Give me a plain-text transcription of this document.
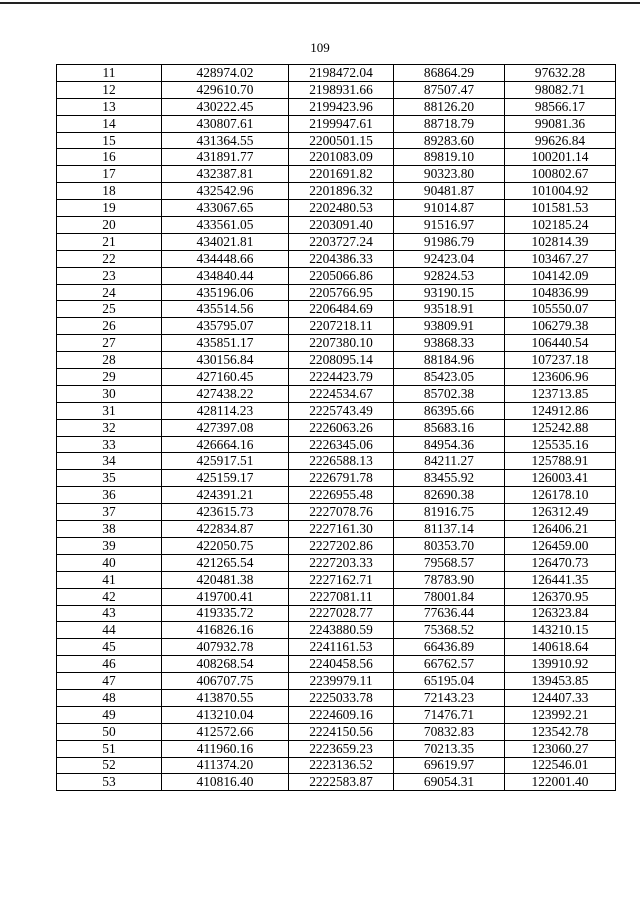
109
11	428974.02	2198472.04	86864.29	97632.28
12	429610.70	2198931.66	87507.47	98082.71
13	430222.45	2199423.96	88126.20	98566.17
14	430807.61	2199947.61	88718.79	99081.36
15	431364.55	2200501.15	89283.60	99626.84
16	431891.77	2201083.09	89819.10	100201.14
17	432387.81	2201691.82	90323.80	100802.67
18	432542.96	2201896.32	90481.87	101004.92
19	433067.65	2202480.53	91014.87	101581.53
20	433561.05	2203091.40	91516.97	102185.24
21	434021.81	2203727.24	91986.79	102814.39
22	434448.66	2204386.33	92423.04	103467.27
23	434840.44	2205066.86	92824.53	104142.09
24	435196.06	2205766.95	93190.15	104836.99
25	435514.56	2206484.69	93518.91	105550.07
26	435795.07	2207218.11	93809.91	106279.38
27	435851.17	2207380.10	93868.33	106440.54
28	430156.84	2208095.14	88184.96	107237.18
29	427160.45	2224423.79	85423.05	123606.96
30	427438.22	2224534.67	85702.38	123713.85
31	428114.23	2225743.49	86395.66	124912.86
32	427397.08	2226063.26	85683.16	125242.88
33	426664.16	2226345.06	84954.36	125535.16
34	425917.51	2226588.13	84211.27	125788.91
35	425159.17	2226791.78	83455.92	126003.41
36	424391.21	2226955.48	82690.38	126178.10
37	423615.73	2227078.76	81916.75	126312.49
38	422834.87	2227161.30	81137.14	126406.21
39	422050.75	2227202.86	80353.70	126459.00
40	421265.54	2227203.33	79568.57	126470.73
41	420481.38	2227162.71	78783.90	126441.35
42	419700.41	2227081.11	78001.84	126370.95
43	419335.72	2227028.77	77636.44	126323.84
44	416826.16	2243880.59	75368.52	143210.15
45	407932.78	2241161.53	66436.89	140618.64
46	408268.54	2240458.56	66762.57	139910.92
47	406707.75	2239979.11	65195.04	139453.85
48	413870.55	2225033.78	72143.23	124407.33
49	413210.04	2224609.16	71476.71	123992.21
50	412572.66	2224150.56	70832.83	123542.78
51	411960.16	2223659.23	70213.35	123060.27
52	411374.20	2223136.52	69619.97	122546.01
53	410816.40	2222583.87	69054.31	122001.40
